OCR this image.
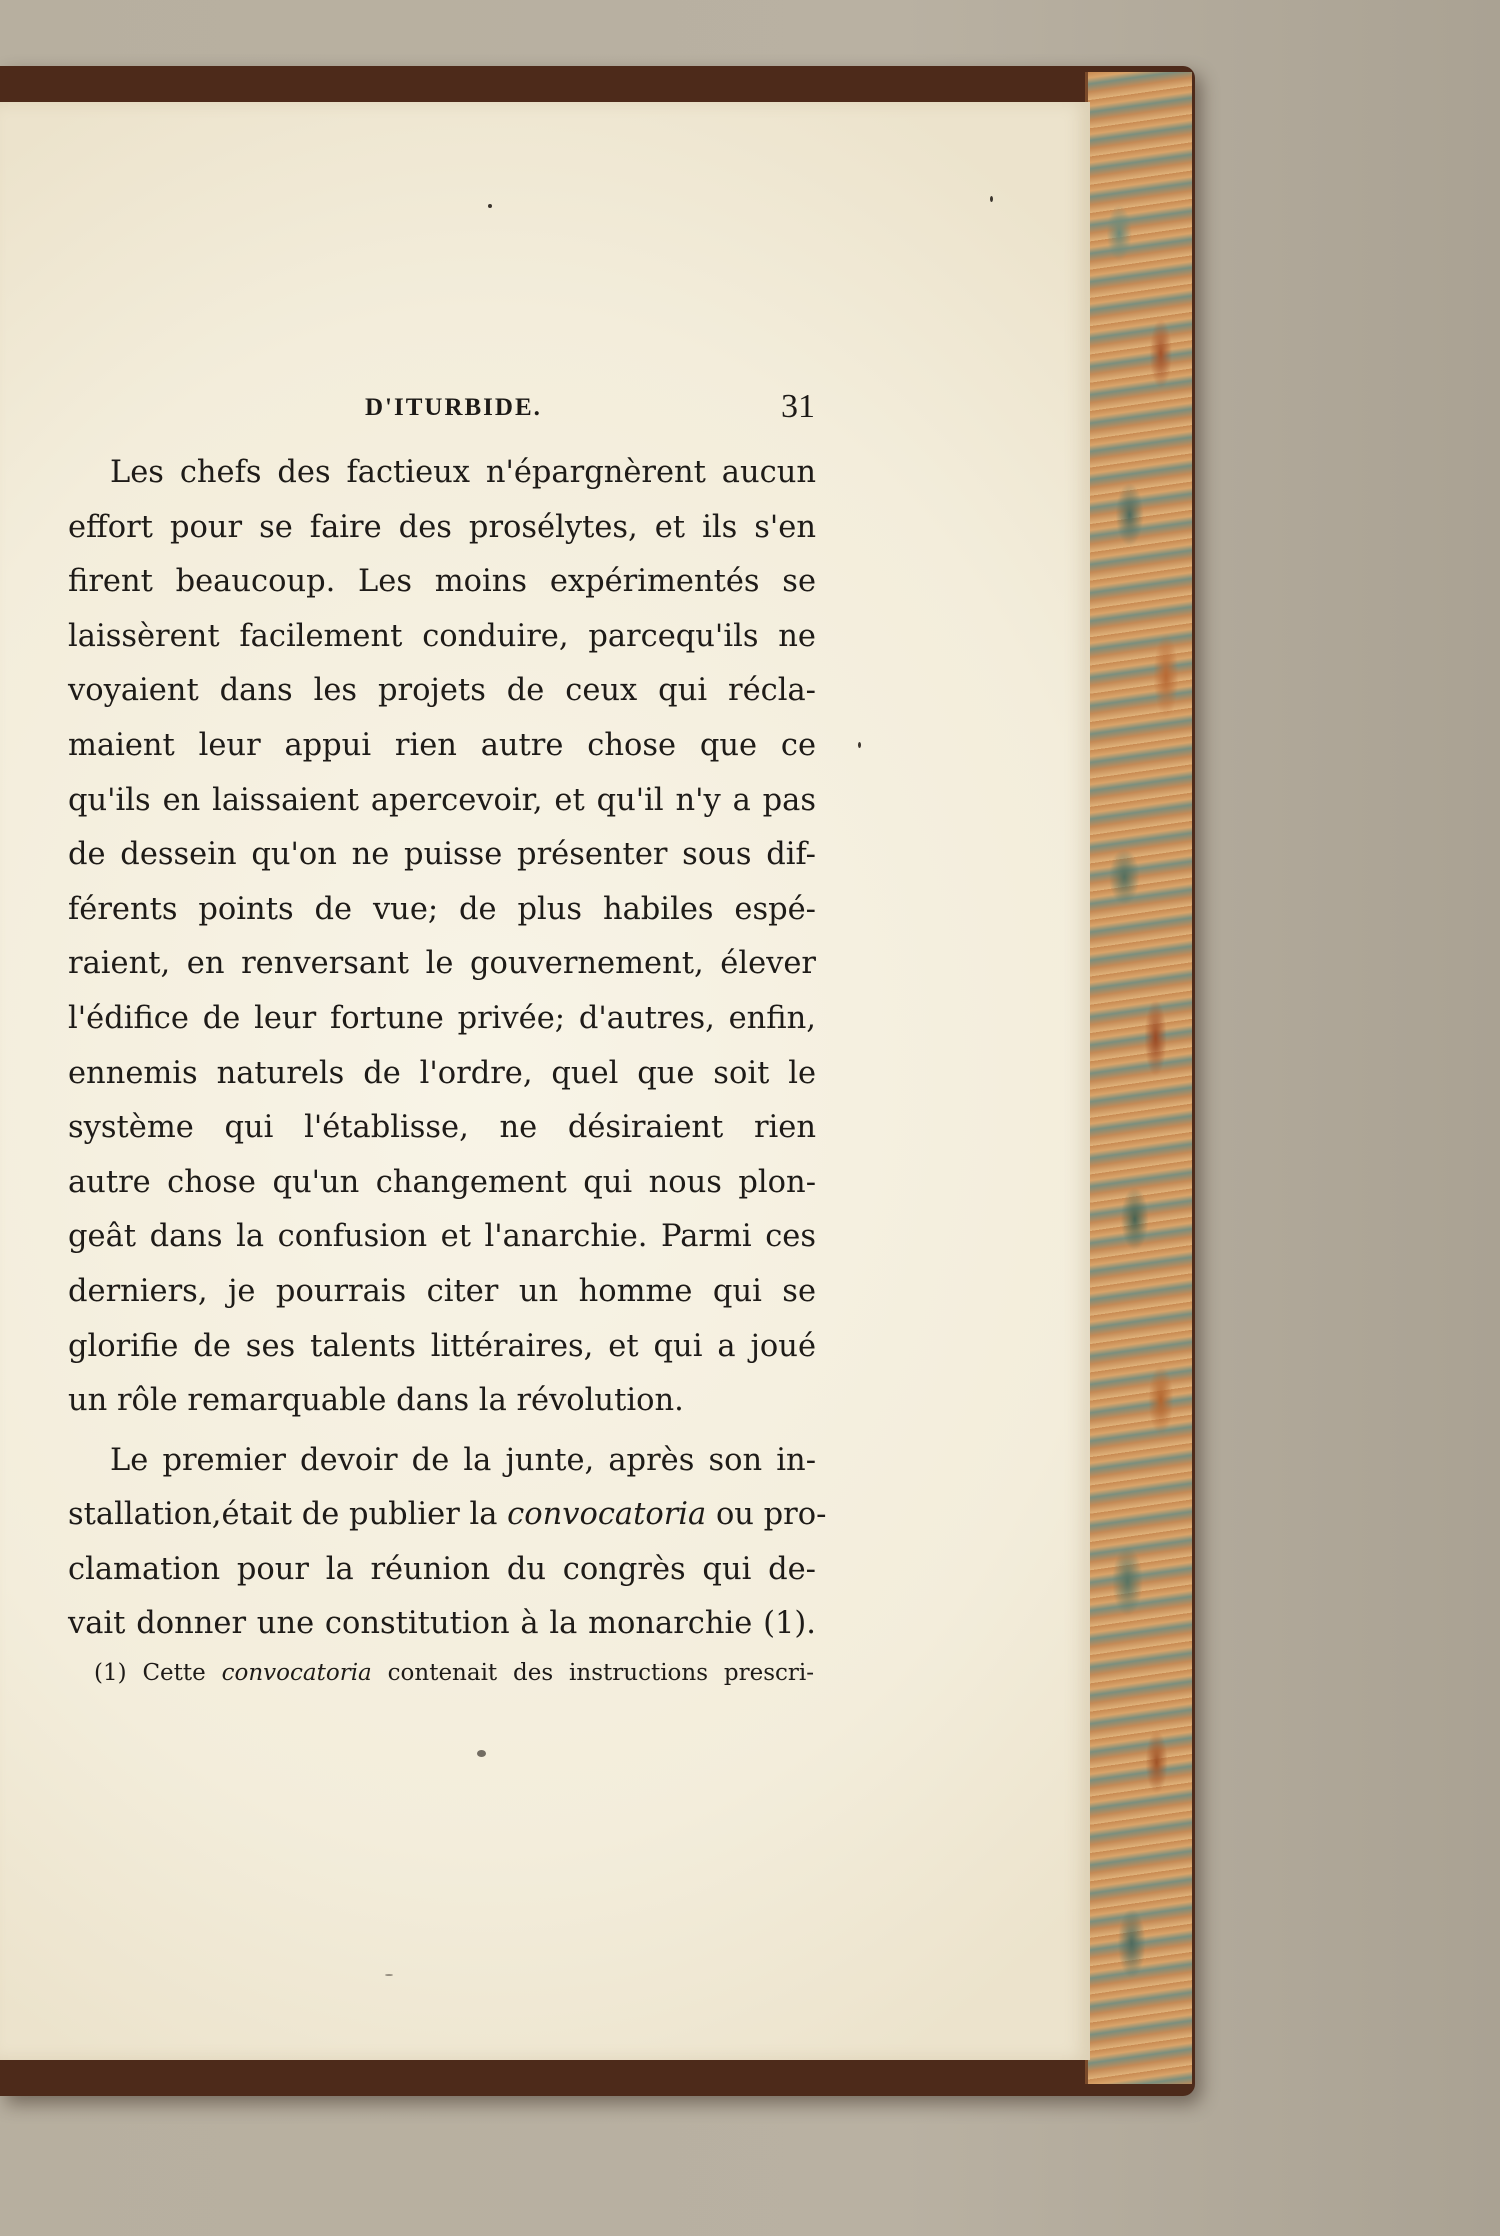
D'ITURBIDE.	31
Les chefs des factieux n'épargnèrent aucun
effort pour se faire des prosélytes, et ils s'en
firent beaucoup. Les moins expérimentés se
laissèrent facilement conduire, parcequ'ils ne
voyaient dans les projets de ceux qui récla-
maient leur appui rien autre chose que ce
qu'ils en laissaient apercevoir, et qu'il n'y a pas
de dessein qu'on ne puisse présenter sous dif-
férents points de vue; de plus habiles espé-
raient, en renversant le gouvernement, élever
l'édifice de leur fortune privée; d'autres, enfin,
ennemis naturels de l'ordre, quel que soit le
système qui l'établisse, ne désiraient rien
autre chose qu'un changement qui nous plon-
geât dans la confusion et l'anarchie. Parmi ces
derniers, je pourrais citer un homme qui se
glorifie de ses talents littéraires, et qui a joué
un rôle remarquable dans la révolution.
Le premier devoir de la junte, après son in-
stallation,était de publier la convocatoria ou pro-
clamation pour la réunion du congrès qui de-
vait donner une constitution à la monarchie (1).
(1) Cette convocatoria contenait des instructions prescri-
